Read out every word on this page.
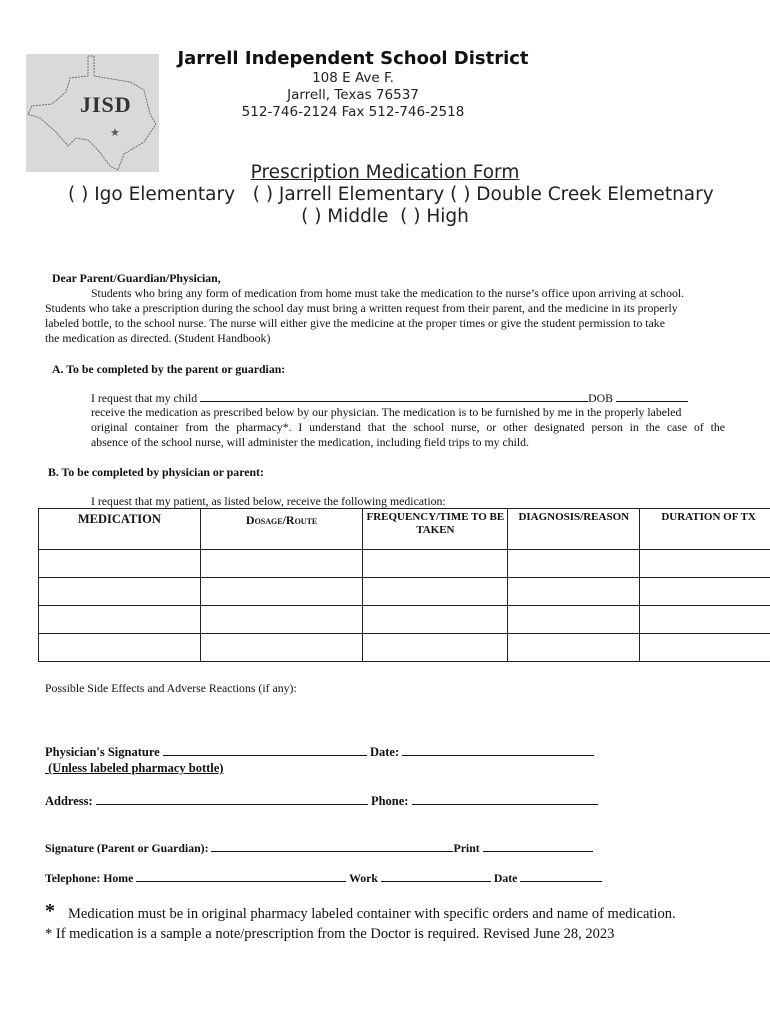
★
JISD
Jarrell Independent School District
108 E Ave F.
Jarrell, Texas 76537
512-746-2124 Fax 512-746-2518
Prescription Medication Form
( ) Igo Elementary   ( ) Jarrell Elementary ( ) Double Creek Elemetnary
( ) Middle  ( ) High
Dear Parent/Guardian/Physician,
Students who bring any form of medication from home must take the medication to the nurse’s office upon arriving at school.
Students who take a prescription during the school day must bring a written request from their parent, and the medicine in its properly
labeled bottle, to the school nurse. The nurse will either give the medicine at the proper times or give the student permission to take
the medication as directed. (Student Handbook)
A. To be completed by the parent or guardian:
I request that my child	DOB
receive the medication as prescribed below by our physician. The medication is to be furnished by me in the properly labeled
original container from the pharmacy*. I understand that the school nurse, or other designated person in the case of the
absence of the school nurse, will administer the medication, including field trips to my child.
B. To be completed by physician or parent:
I request that my patient, as listed below, receive the following medication:
MEDICATION	Dosage/Route	FREQUENCY/TIME TO BE TAKEN	DIAGNOSIS/REASON	DURATION OF TX

Possible Side Effects and Adverse Reactions (if any):
Physician's Signature	Date:
(Unless labeled pharmacy bottle)
Address:	Phone:
Signature (Parent or Guardian):	Print
Telephone: Home	Work	Date
* Medication must be in original pharmacy labeled container with specific orders and name of medication.
* If medication is a sample a note/prescription from the Doctor is required. Revised June 28, 2023
